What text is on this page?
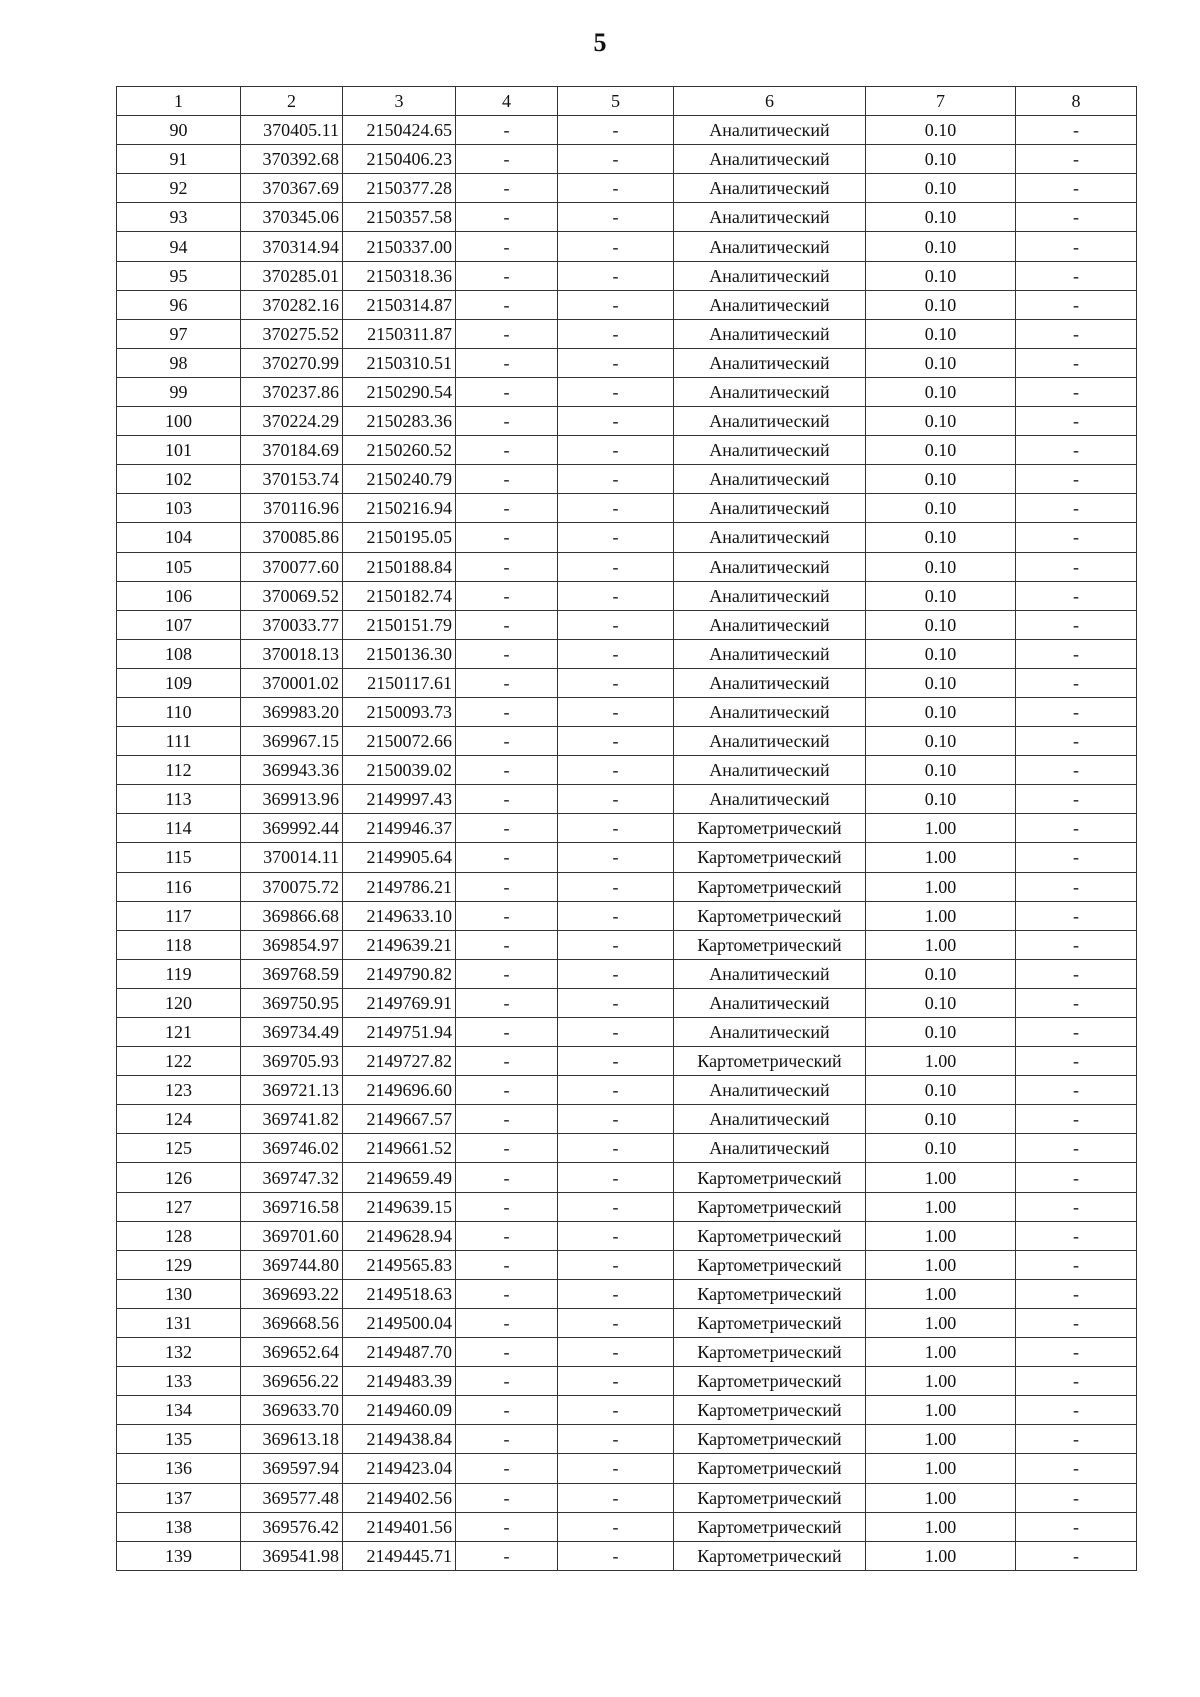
5
1	2	3	4	5	6	7	8
90	370405.11	2150424.65	-	-	Аналитический	0.10	-
91	370392.68	2150406.23	-	-	Аналитический	0.10	-
92	370367.69	2150377.28	-	-	Аналитический	0.10	-
93	370345.06	2150357.58	-	-	Аналитический	0.10	-
94	370314.94	2150337.00	-	-	Аналитический	0.10	-
95	370285.01	2150318.36	-	-	Аналитический	0.10	-
96	370282.16	2150314.87	-	-	Аналитический	0.10	-
97	370275.52	2150311.87	-	-	Аналитический	0.10	-
98	370270.99	2150310.51	-	-	Аналитический	0.10	-
99	370237.86	2150290.54	-	-	Аналитический	0.10	-
100	370224.29	2150283.36	-	-	Аналитический	0.10	-
101	370184.69	2150260.52	-	-	Аналитический	0.10	-
102	370153.74	2150240.79	-	-	Аналитический	0.10	-
103	370116.96	2150216.94	-	-	Аналитический	0.10	-
104	370085.86	2150195.05	-	-	Аналитический	0.10	-
105	370077.60	2150188.84	-	-	Аналитический	0.10	-
106	370069.52	2150182.74	-	-	Аналитический	0.10	-
107	370033.77	2150151.79	-	-	Аналитический	0.10	-
108	370018.13	2150136.30	-	-	Аналитический	0.10	-
109	370001.02	2150117.61	-	-	Аналитический	0.10	-
110	369983.20	2150093.73	-	-	Аналитический	0.10	-
111	369967.15	2150072.66	-	-	Аналитический	0.10	-
112	369943.36	2150039.02	-	-	Аналитический	0.10	-
113	369913.96	2149997.43	-	-	Аналитический	0.10	-
114	369992.44	2149946.37	-	-	Картометрический	1.00	-
115	370014.11	2149905.64	-	-	Картометрический	1.00	-
116	370075.72	2149786.21	-	-	Картометрический	1.00	-
117	369866.68	2149633.10	-	-	Картометрический	1.00	-
118	369854.97	2149639.21	-	-	Картометрический	1.00	-
119	369768.59	2149790.82	-	-	Аналитический	0.10	-
120	369750.95	2149769.91	-	-	Аналитический	0.10	-
121	369734.49	2149751.94	-	-	Аналитический	0.10	-
122	369705.93	2149727.82	-	-	Картометрический	1.00	-
123	369721.13	2149696.60	-	-	Аналитический	0.10	-
124	369741.82	2149667.57	-	-	Аналитический	0.10	-
125	369746.02	2149661.52	-	-	Аналитический	0.10	-
126	369747.32	2149659.49	-	-	Картометрический	1.00	-
127	369716.58	2149639.15	-	-	Картометрический	1.00	-
128	369701.60	2149628.94	-	-	Картометрический	1.00	-
129	369744.80	2149565.83	-	-	Картометрический	1.00	-
130	369693.22	2149518.63	-	-	Картометрический	1.00	-
131	369668.56	2149500.04	-	-	Картометрический	1.00	-
132	369652.64	2149487.70	-	-	Картометрический	1.00	-
133	369656.22	2149483.39	-	-	Картометрический	1.00	-
134	369633.70	2149460.09	-	-	Картометрический	1.00	-
135	369613.18	2149438.84	-	-	Картометрический	1.00	-
136	369597.94	2149423.04	-	-	Картометрический	1.00	-
137	369577.48	2149402.56	-	-	Картометрический	1.00	-
138	369576.42	2149401.56	-	-	Картометрический	1.00	-
139	369541.98	2149445.71	-	-	Картометрический	1.00	-
